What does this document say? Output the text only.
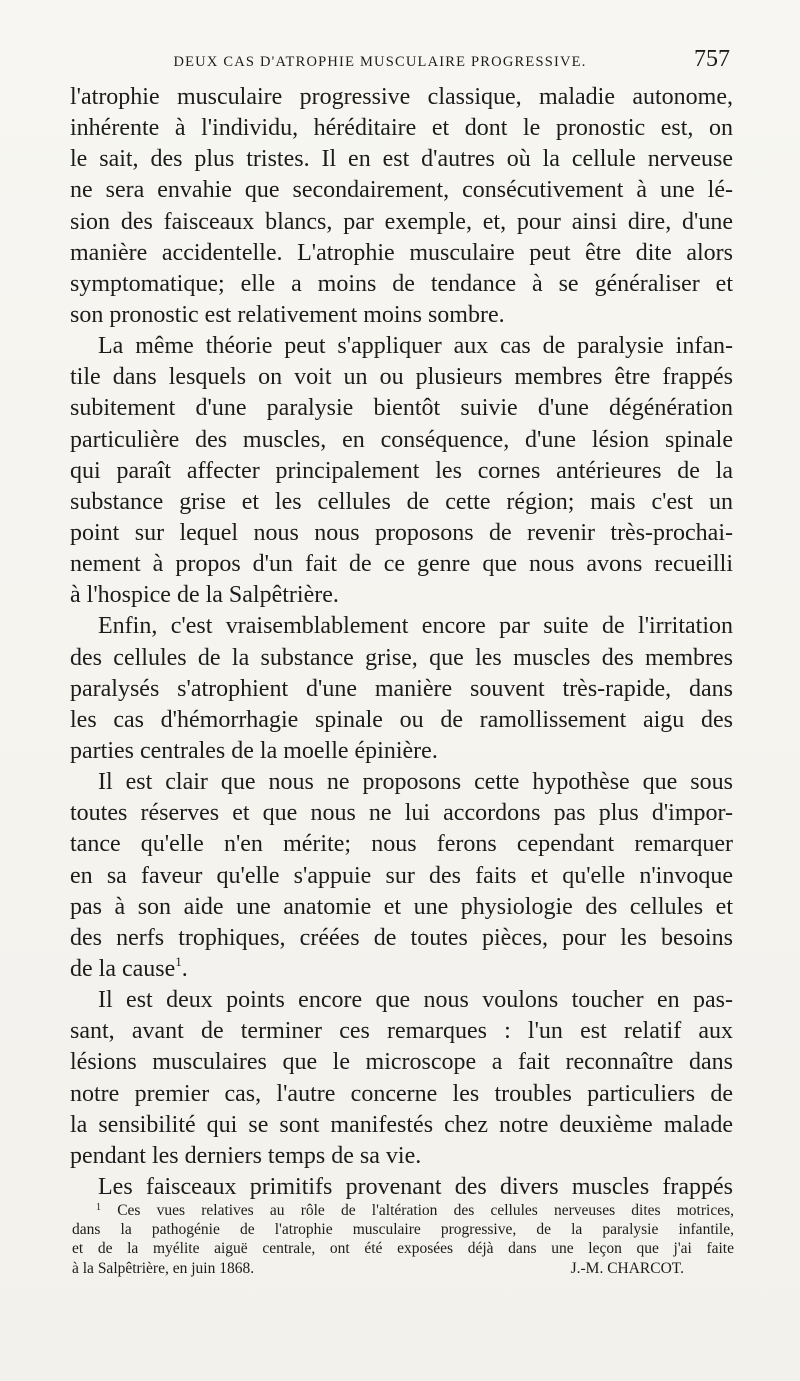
DEUX CAS D'ATROPHIE MUSCULAIRE PROGRESSIVE.	757
l'atrophie musculaire progressive classique, maladie autonome,
inhérente à l'individu, héréditaire et dont le pronostic est, on
le sait, des plus tristes. Il en est d'autres où la cellule nerveuse
ne sera envahie que secondairement, consécutivement à une lé-
sion des faisceaux blancs, par exemple, et, pour ainsi dire, d'une
manière accidentelle. L'atrophie musculaire peut être dite alors
symptomatique; elle a moins de tendance à se généraliser et
son pronostic est relativement moins sombre.
La même théorie peut s'appliquer aux cas de paralysie infan-
tile dans lesquels on voit un ou plusieurs membres être frappés
subitement d'une paralysie bientôt suivie d'une dégénération
particulière des muscles, en conséquence, d'une lésion spinale
qui paraît affecter principalement les cornes antérieures de la
substance grise et les cellules de cette région; mais c'est un
point sur lequel nous nous proposons de revenir très-prochai-
nement à propos d'un fait de ce genre que nous avons recueilli
à l'hospice de la Salpêtrière.
Enfin, c'est vraisemblablement encore par suite de l'irritation
des cellules de la substance grise, que les muscles des membres
paralysés s'atrophient d'une manière souvent très-rapide, dans
les cas d'hémorrhagie spinale ou de ramollissement aigu des
parties centrales de la moelle épinière.
Il est clair que nous ne proposons cette hypothèse que sous
toutes réserves et que nous ne lui accordons pas plus d'impor-
tance qu'elle n'en mérite; nous ferons cependant remarquer
en sa faveur qu'elle s'appuie sur des faits et qu'elle n'invoque
pas à son aide une anatomie et une physiologie des cellules et
des nerfs trophiques, créées de toutes pièces, pour les besoins
de la cause$^1$.
Il est deux points encore que nous voulons toucher en pas-
sant, avant de terminer ces remarques : l'un est relatif aux
lésions musculaires que le microscope a fait reconnaître dans
notre premier cas, l'autre concerne les troubles particuliers de
la sensibilité qui se sont manifestés chez notre deuxième malade
pendant les derniers temps de sa vie.
Les faisceaux primitifs provenant des divers muscles frappés
$^1$ Ces vues relatives au rôle de l'altération des cellules nerveuses dites motrices,
dans la pathogénie de l'atrophie musculaire progressive, de la paralysie infantile,
et de la myélite aiguë centrale, ont été exposées déjà dans une leçon que j'ai faite
à la Salpêtrière, en juin 1868.	J.-M. CHARCOT.
